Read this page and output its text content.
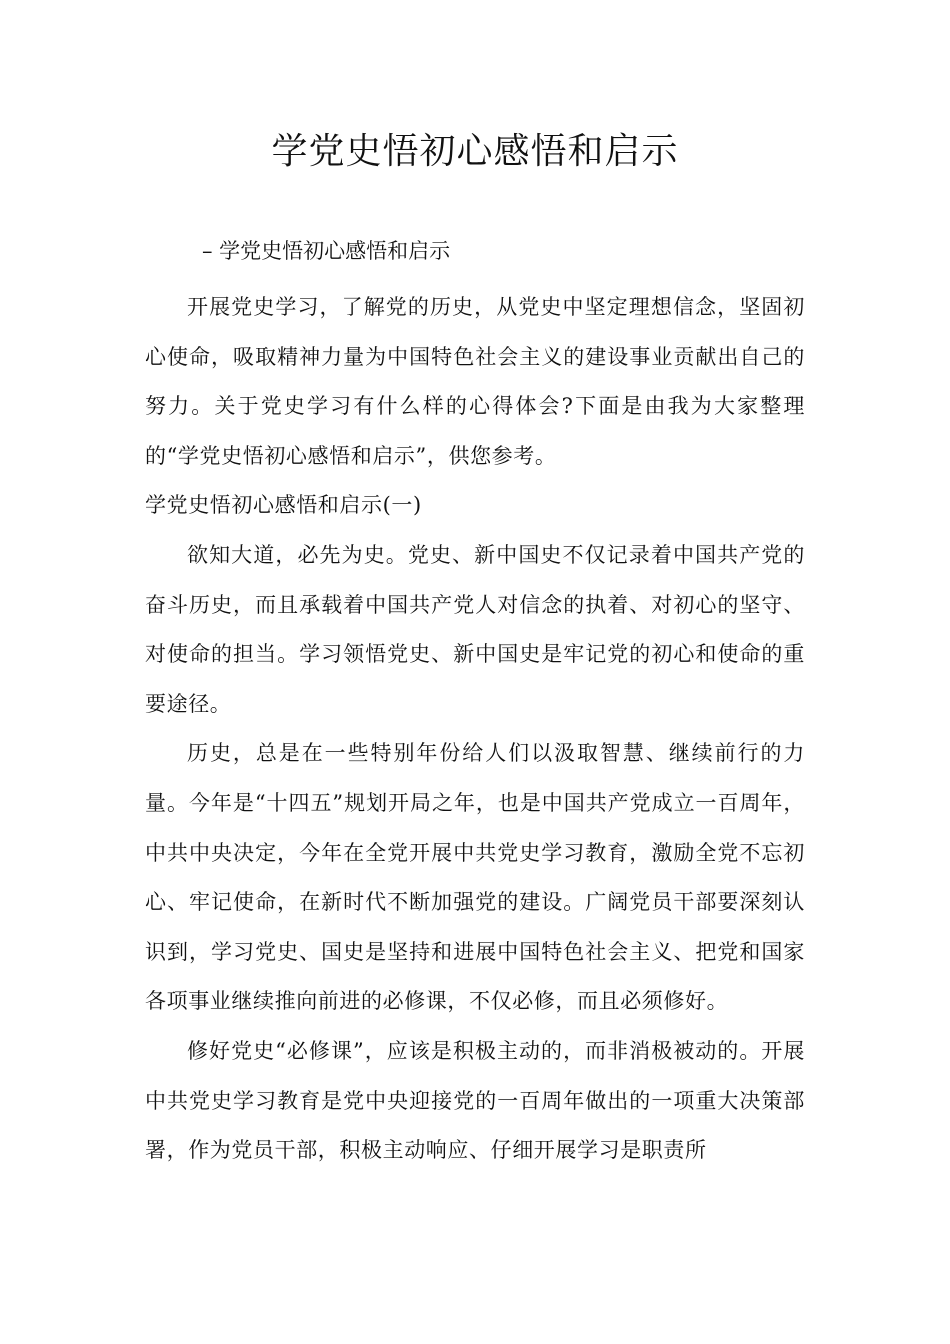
学党史悟初心感悟和启示
– 学党史悟初心感悟和启示

开展党史学习，了解党的历史，从党史中坚定理想信念，坚固初心使命，吸取精神力量为中国特色社会主义的建设事业贡献出自己的努力。关于党史学习有什么样的心得体会?下面是由我为大家整理的“学党史悟初心感悟和启示”，供您参考。

学党史悟初心感悟和启示(一)

欲知大道，必先为史。党史、新中国史不仅记录着中国共产党的奋斗历史，而且承载着中国共产党人对信念的执着、对初心的坚守、对使命的担当。学习领悟党史、新中国史是牢记党的初心和使命的重要途径。

历史，总是在一些特别年份给人们以汲取智慧、继续前行的力量。今年是“十四五”规划开局之年，也是中国共产党成立一百周年，中共中央决定，今年在全党开展中共党史学习教育，激励全党不忘初心、牢记使命，在新时代不断加强党的建设。广阔党员干部要深刻认识到，学习党史、国史是坚持和进展中国特色社会主义、把党和国家各项事业继续推向前进的必修课，不仅必修，而且必须修好。

修好党史“必修课”，应该是积极主动的，而非消极被动的。开展中共党史学习教育是党中央迎接党的一百周年做出的一项重大决策部署，作为党员干部，积极主动响应、仔细开展学习是职责所
